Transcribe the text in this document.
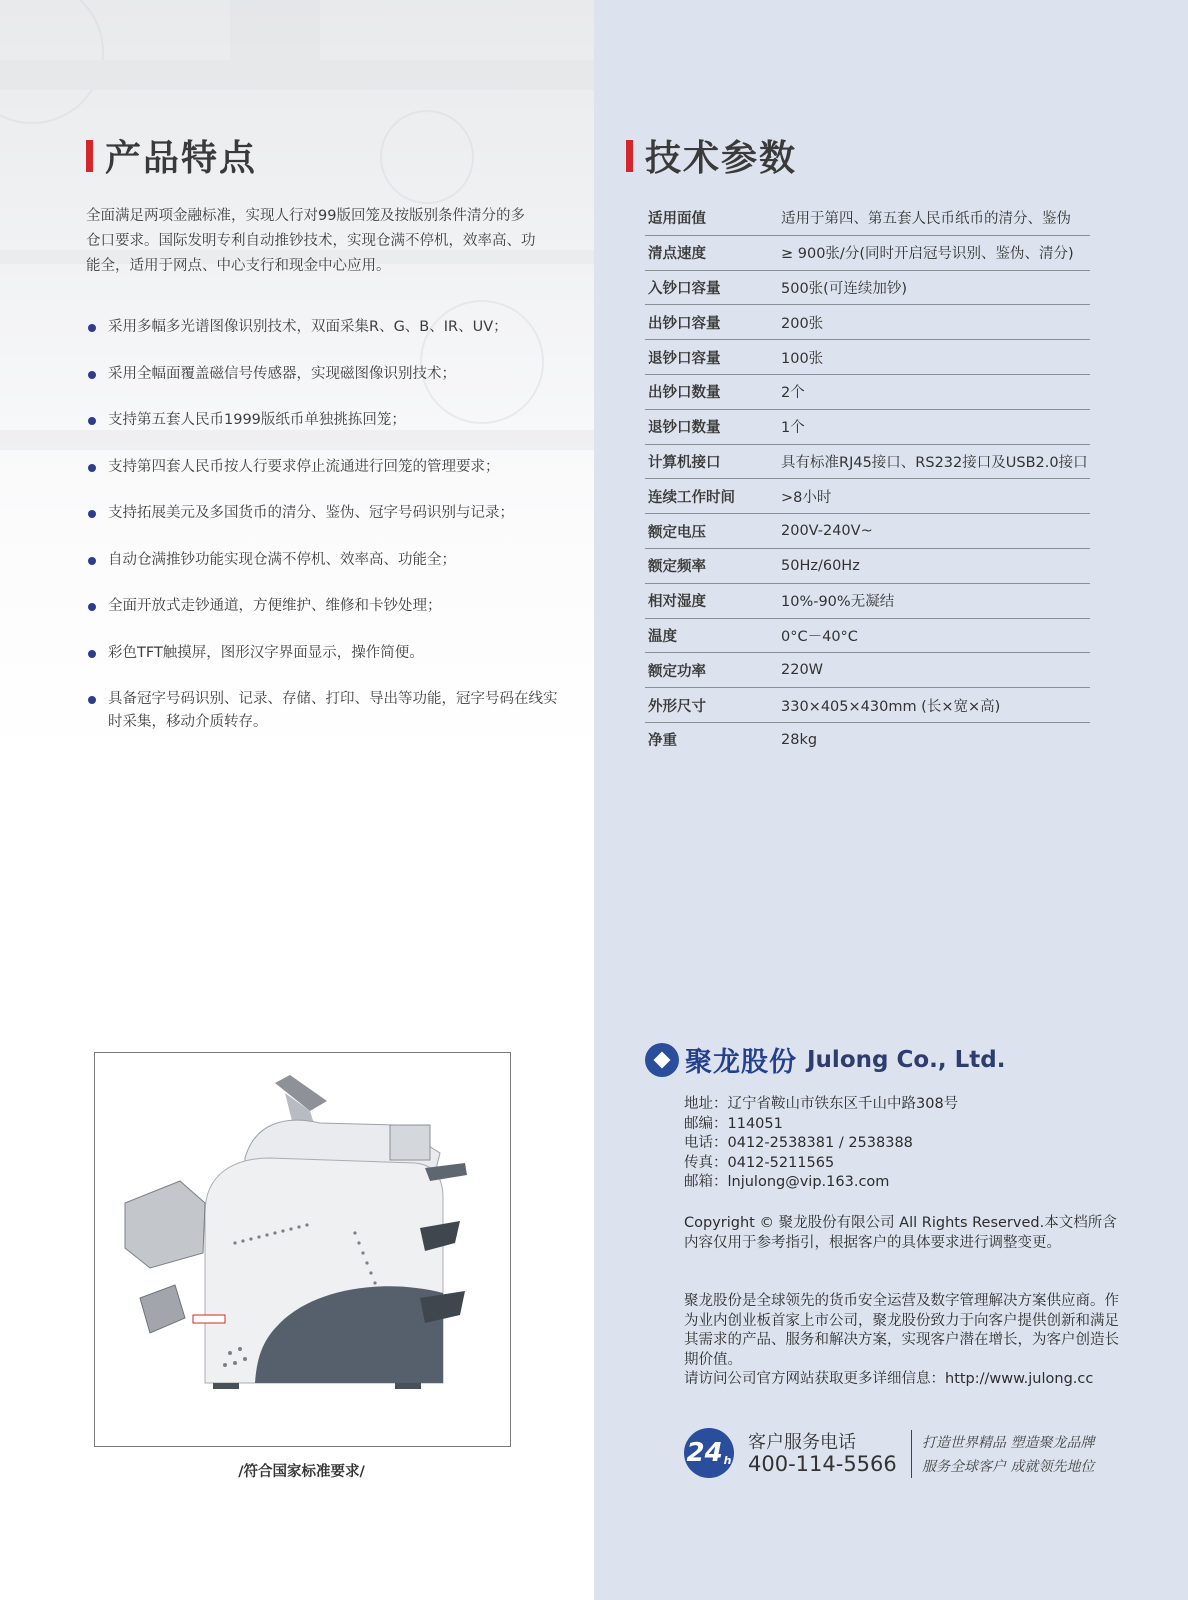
产品特点

全面满足两项金融标准，实现人行对99版回笼及按版别条件清分的多仓口要求。国际发明专利自动推钞技术，实现仓满不停机，效率高、功能全，适用于网点、中心支行和现金中心应用。

采用多幅多光谱图像识别技术，双面采集R、G、B、IR、UV；
采用全幅面覆盖磁信号传感器，实现磁图像识别技术；
支持第五套人民币1999版纸币单独挑拣回笼；
支持第四套人民币按人行要求停止流通进行回笼的管理要求；
支持拓展美元及多国货币的清分、鉴伪、冠字号码识别与记录；
自动仓满推钞功能实现仓满不停机、效率高、功能全；
全面开放式走钞通道，方便维护、维修和卡钞处理；
彩色TFT触摸屏，图形汉字界面显示，操作简便。
具备冠字号码识别、记录、存储、打印、导出等功能，冠字号码在线实时采集，移动介质转存。
/符合国家标准要求/
技术参数
适用面值	适用于第四、第五套人民币纸币的清分、鉴伪
清点速度	≥ 900张/分(同时开启冠号识别、鉴伪、清分)
入钞口容量	500张(可连续加钞)
出钞口容量	200张
退钞口容量	100张
出钞口数量	2个
退钞口数量	1个
计算机接口	具有标准RJ45接口、RS232接口及USB2.0接口
连续工作时间	>8小时
额定电压	200V-240V~
额定频率	50Hz/60Hz
相对湿度	10%-90%无凝结
温度	0°C－40°C
额定功率	220W
外形尺寸	330×405×430mm (长×宽×高)
净重	28kg
聚龙股份 Julong Co., Ltd.
地址：辽宁省鞍山市铁东区千山中路308号
邮编：114051
电话：0412-2538381 / 2538388
传真：0412-5211565
邮箱：lnjulong@vip.163.com

Copyright © 聚龙股份有限公司 All Rights Reserved.本文档所含内容仅用于参考指引，根据客户的具体要求进行调整变更。

聚龙股份是全球领先的货币安全运营及数字管理解决方案供应商。作为业内创业板首家上市公司，聚龙股份致力于向客户提供创新和满足其需求的产品、服务和解决方案，实现客户潜在增长，为客户创造长期价值。

请访问公司官方网站获取更多详细信息：http://www.julong.cc

24 h
客户服务电话
400-114-5566
打造世界精品 塑造聚龙品牌
服务全球客户 成就领先地位
